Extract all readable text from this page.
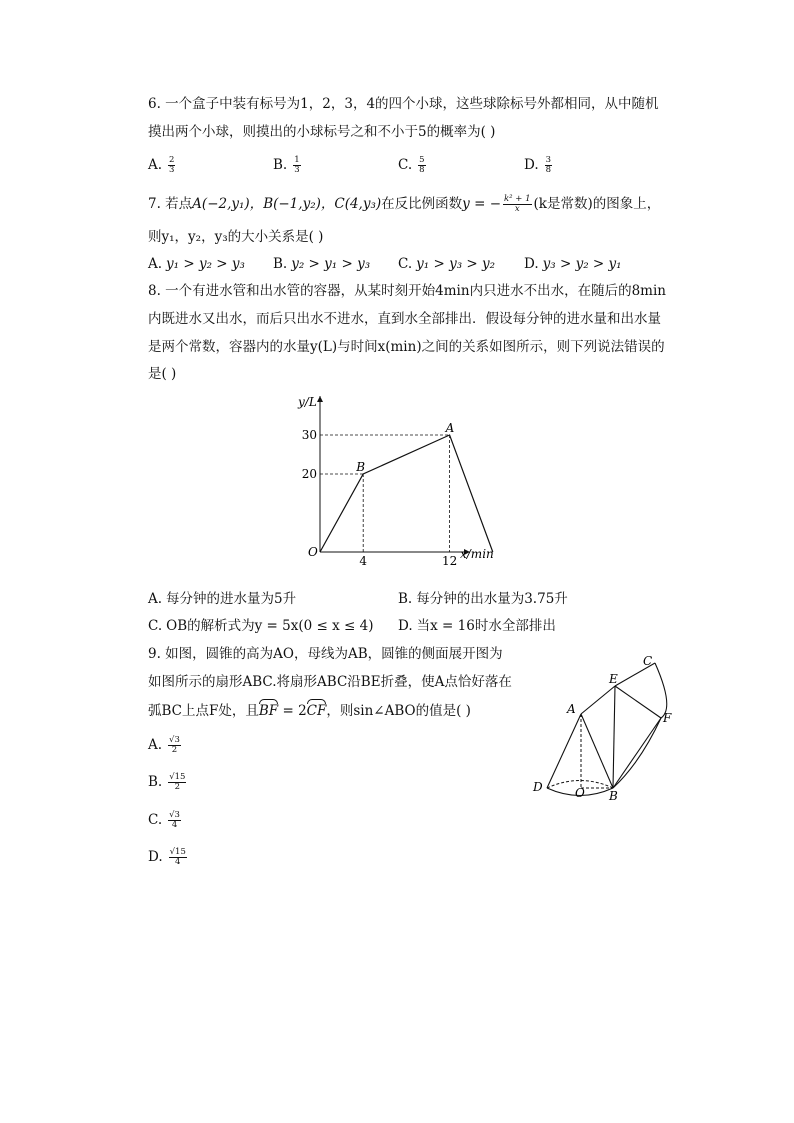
6. 一个盒子中装有标号为1，2，3，4的四个小球，这些球除标号外都相同，从中随机
摸出两个小球，则摸出的小球标号之和不小于5的概率为( )
A. $\frac{2}{3}$	B. $\frac{1}{3}$	C. $\frac{5}{8}$	D. $\frac{3}{8}$
7. 若点A(−2,y₁)，B(−1,y₂)，C(4,y₃)在反比例函数y = − $\frac{\text{k² + 1}}{x} (k$是常数)的图象上，
则y₁，y₂，y₃的大小关系是( )
A. y₁ > y₂ > y₃ B. y₂ > y₁ > y₃ C. y₁ > y₃ > y₂ D. y₃ > y₂ > y₁
8. 一个有进水管和出水管的容器，从某时刻开始4min内只进水不出水，在随后的8min
内既进水又出水，而后只出水不进水，直到水全部排出．假设每分钟的进水量和出水量
是两个常数，容器内的水量y(L)与时间x(min)之间的关系如图所示，则下列说法错误的
是( )
y/L
x/min
O
30
20
4	12
A
B
A. 每分钟的进水量为5升	B. 每分钟的出水量为3.75升
C. OB的解析式为y = 5x(0 ≤ x ≤ 4) D. 当x = 16时水全部排出
9. 如图，圆锥的高为AO，母线为AB，圆锥的侧面展开图为
如图所示的扇形ABC.将扇形ABC沿BE折叠，使A点恰好落在
弧BC上点F处，且BF = 2CF，则sin∠ABO的值是( )
A. $\frac{√3}{2}$
B. $\frac{√15}{2}$
C. $\frac{√3}{4}$
D. $\frac{√15}{4}$
A
B
C
D
E
F
O
